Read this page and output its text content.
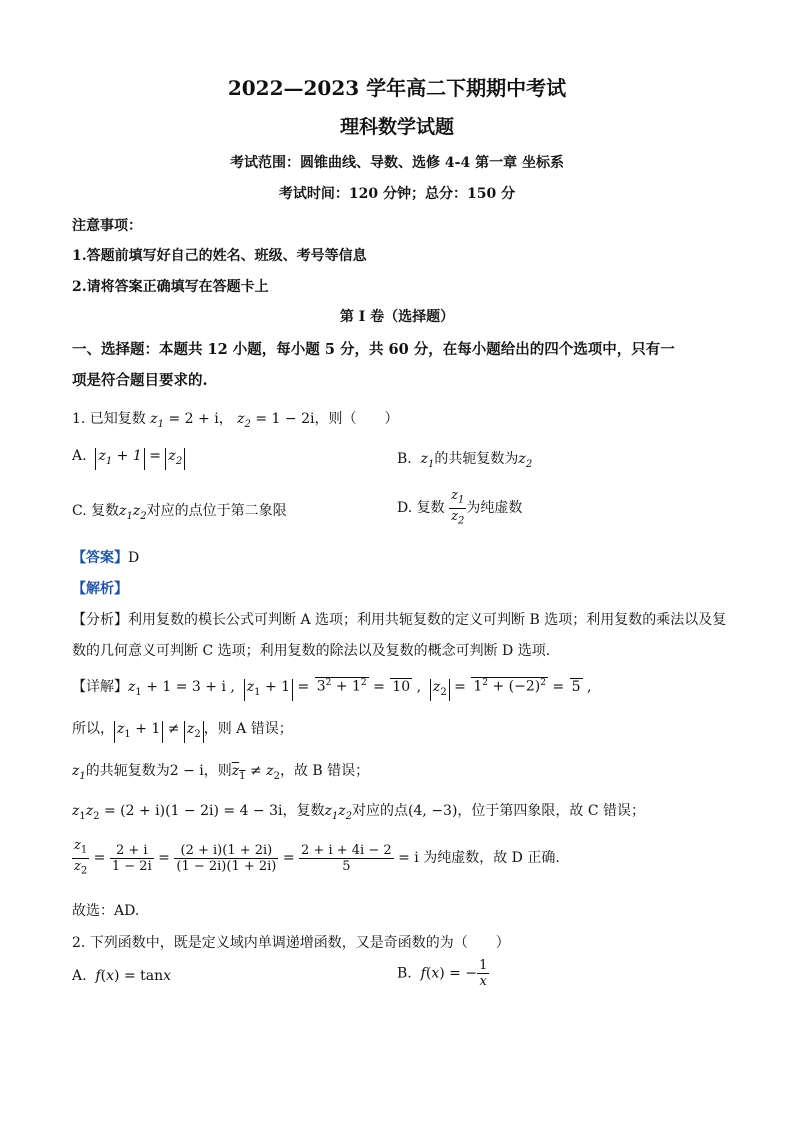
2022—2023 学年高二下期期中考试
理科数学试题
考试范围：圆锥曲线、导数、选修 4-4 第一章 坐标系
考试时间：120 分钟；总分：150 分
注意事项：
1.答题前填写好自己的姓名、班级、考号等信息
2.请将答案正确填写在答题卡上
第 I 卷（选择题）
一、选择题：本题共 12 小题，每小题 5 分，共 60 分，在每小题给出的四个选项中，只有一
项是符合题目要求的.
1. 已知复数 $z_1 = 2 + i$， $z_2 = 1 - 2i$，则（　　）
A. $z_1 + 1 = z_2$	B. $z_1$的共轭复数为$z_2$
C. 复数$z_1z_2$对应的点位于第二象限	D. 复数 $\frac{z_1}{z_2}$ 为纯虚数
【答案】D
【解析】
【分析】利用复数的模长公式可判断 A 选项；利用共轭复数的定义可判断 B 选项；利用复数的乘法以及复
数的几何意义可判断 C 选项；利用复数的除法以及复数的概念可判断 D 选项.
【详解】$z_1 + 1 = 3 + i$ ,  $z_1 + 1 = 3^2 + 1^2 = 10$ ,  $z_2 = 1^2 + (-2)^2 = 5$ ,
所以， $z_1 + 1 \ne z_2$ ，则 A 错误；
$z_1$的共轭复数为2 − i，则$z_1 \ne z_2$，故 B 错误；
$z_1z_2 = (2 + i)(1 - 2i) = 4 - 3i$，复数$z_1z_2$对应的点(4, −3)，位于第四象限，故 C 错误；
$\frac{z_1}{z_2} = \frac{2 + i}{1 - 2i} = \frac{(2 + i)(1 + 2i)}{(1 - 2i)(1 + 2i)} = \frac{2 + i + 4i - 2}{5} = i$ 为纯虚数，故 D 正确.
故选：AD.
2. 下列函数中，既是定义域内单调递增函数，又是奇函数的为（　　）
A. f(x) = tanx	B. f(x) = − $\frac{1}{x}$
